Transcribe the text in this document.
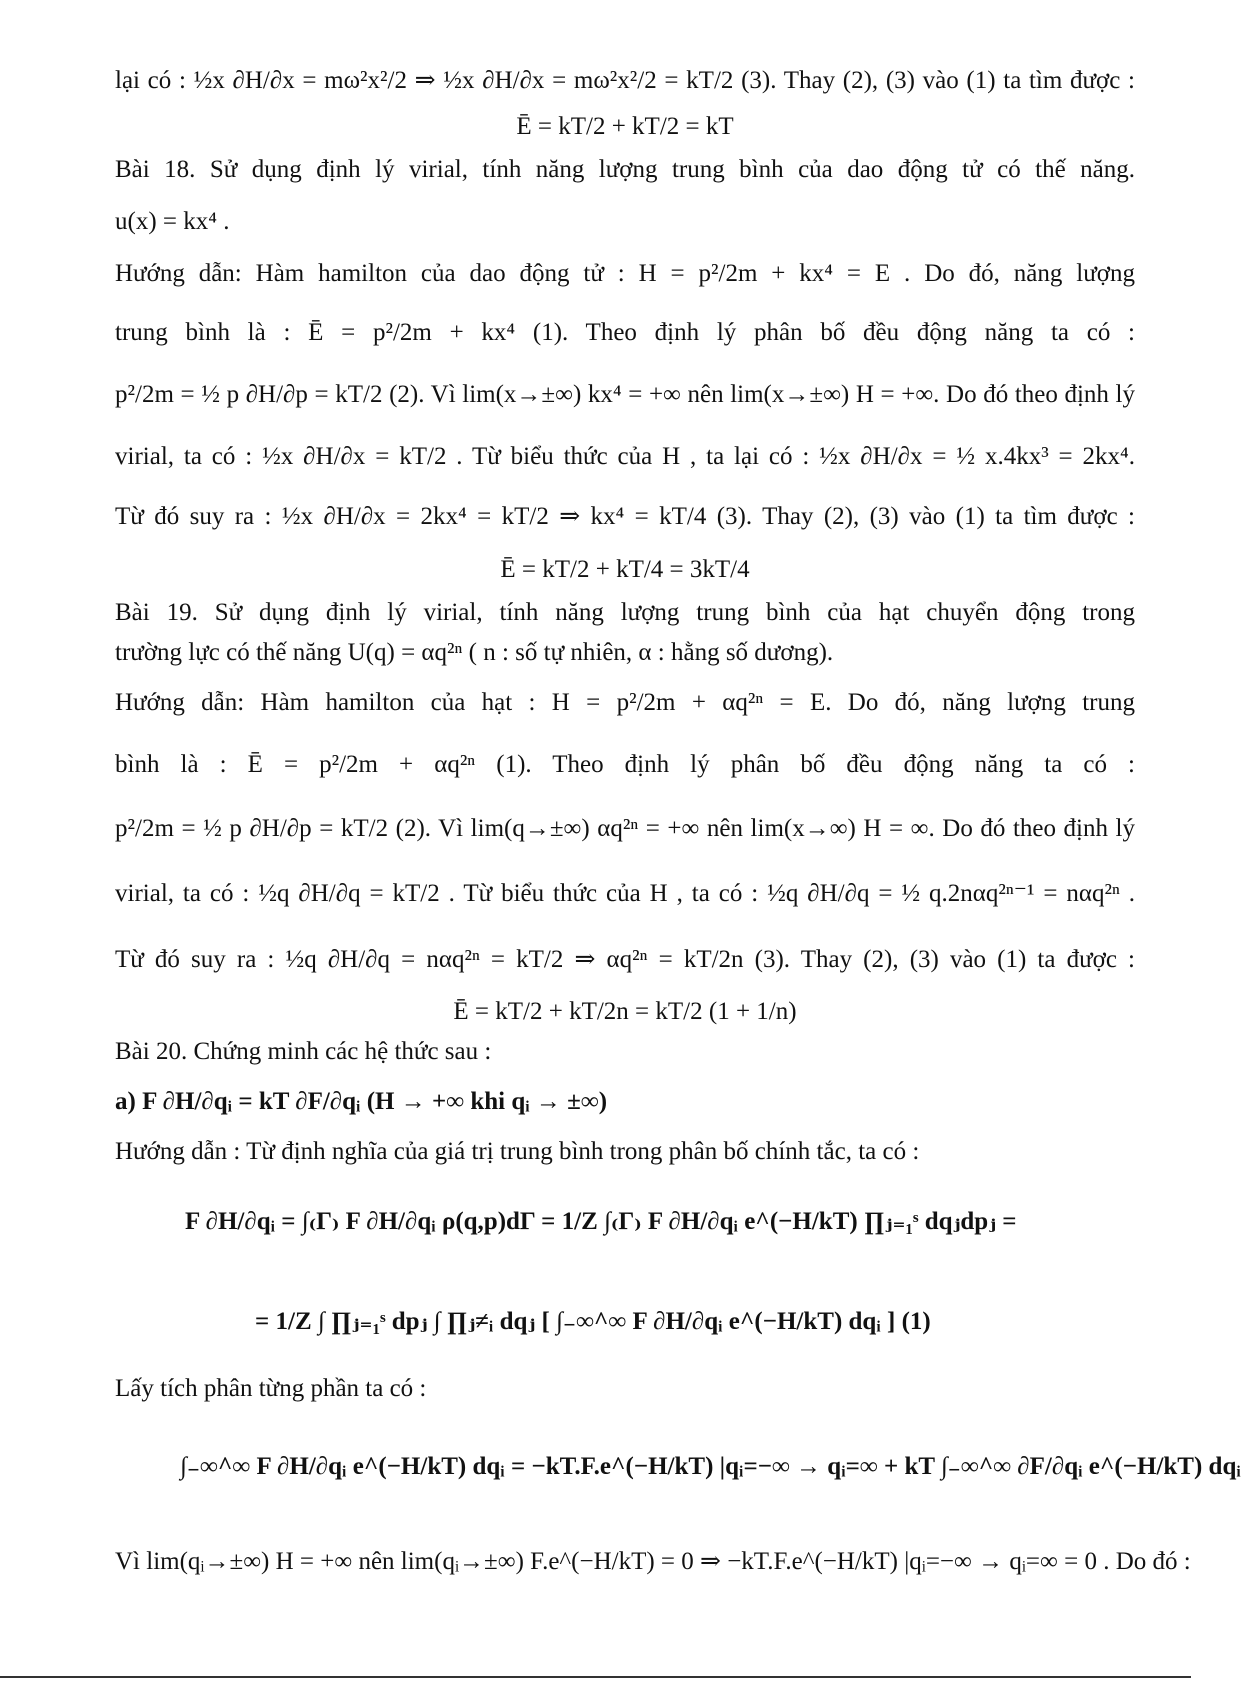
lại có : ½x ∂H/∂x = mω²x²/2 ⇒ ½x ∂H/∂x = mω²x²/2 = kT/2 (3). Thay (2), (3) vào (1) ta tìm được :
Ē = kT/2 + kT/2 = kT
Bài 18. Sử dụng định lý virial, tính năng lượng trung bình của dao động tử có thế năng.
u(x) = kx⁴ .
Hướng dẫn: Hàm hamilton của dao động tử : H = p²/2m + kx⁴ = E . Do đó, năng lượng
trung bình là : Ē = p²/2m + kx⁴ (1). Theo định lý phân bố đều động năng ta có :
p²/2m = ½ p ∂H/∂p = kT/2 (2). Vì lim(x→±∞) kx⁴ = +∞ nên lim(x→±∞) H = +∞. Do đó theo định lý
virial, ta có : ½x ∂H/∂x = kT/2 . Từ biểu thức của H , ta lại có : ½x ∂H/∂x = ½ x.4kx³ = 2kx⁴.
Từ đó suy ra : ½x ∂H/∂x = 2kx⁴ = kT/2 ⇒ kx⁴ = kT/4 (3). Thay (2), (3) vào (1) ta tìm được :
Ē = kT/2 + kT/4 = 3kT/4
Bài 19. Sử dụng định lý virial, tính năng lượng trung bình của hạt chuyển động trong
trường lực có thế năng U(q) = αq²ⁿ ( n : số tự nhiên, α : hằng số dương).
Hướng dẫn: Hàm hamilton của hạt : H = p²/2m + αq²ⁿ = E. Do đó, năng lượng trung
bình là : Ē = p²/2m + αq²ⁿ (1). Theo định lý phân bố đều động năng ta có :
p²/2m = ½ p ∂H/∂p = kT/2 (2). Vì lim(q→±∞) αq²ⁿ = +∞ nên lim(x→∞) H = ∞. Do đó theo định lý
virial, ta có : ½q ∂H/∂q = kT/2 . Từ biểu thức của H , ta có : ½q ∂H/∂q = ½ q.2nαq²ⁿ⁻¹ = nαq²ⁿ .
Từ đó suy ra : ½q ∂H/∂q = nαq²ⁿ = kT/2 ⇒ αq²ⁿ = kT/2n (3). Thay (2), (3) vào (1) ta được :
Ē = kT/2 + kT/2n = kT/2 (1 + 1/n)
Bài 20. Chứng minh các hệ thức sau :
a) F ∂H/∂qᵢ = kT ∂F/∂qᵢ (H → +∞ khi qᵢ → ±∞)
Hướng dẫn : Từ định nghĩa của giá trị trung bình trong phân bố chính tắc, ta có :
F ∂H/∂qᵢ = ∫₍Γ₎ F ∂H/∂qᵢ ρ(q,p)dΓ = 1/Z ∫₍Γ₎ F ∂H/∂qᵢ e^(−H/kT) ∏ⱼ₌₁ˢ dqⱼdpⱼ =
= 1/Z ∫ ∏ⱼ₌₁ˢ dpⱼ ∫ ∏ⱼ≠ᵢ dqⱼ [ ∫₋∞^∞ F ∂H/∂qᵢ e^(−H/kT) dqᵢ ] (1)
Lấy tích phân từng phần ta có :
∫₋∞^∞ F ∂H/∂qᵢ e^(−H/kT) dqᵢ = −kT.F.e^(−H/kT) |qᵢ=−∞ → qᵢ=∞ + kT ∫₋∞^∞ ∂F/∂qᵢ e^(−H/kT) dqᵢ
Vì lim(qᵢ→±∞) H = +∞ nên lim(qᵢ→±∞) F.e^(−H/kT) = 0 ⇒ −kT.F.e^(−H/kT) |qᵢ=−∞ → qᵢ=∞ = 0 . Do đó :
